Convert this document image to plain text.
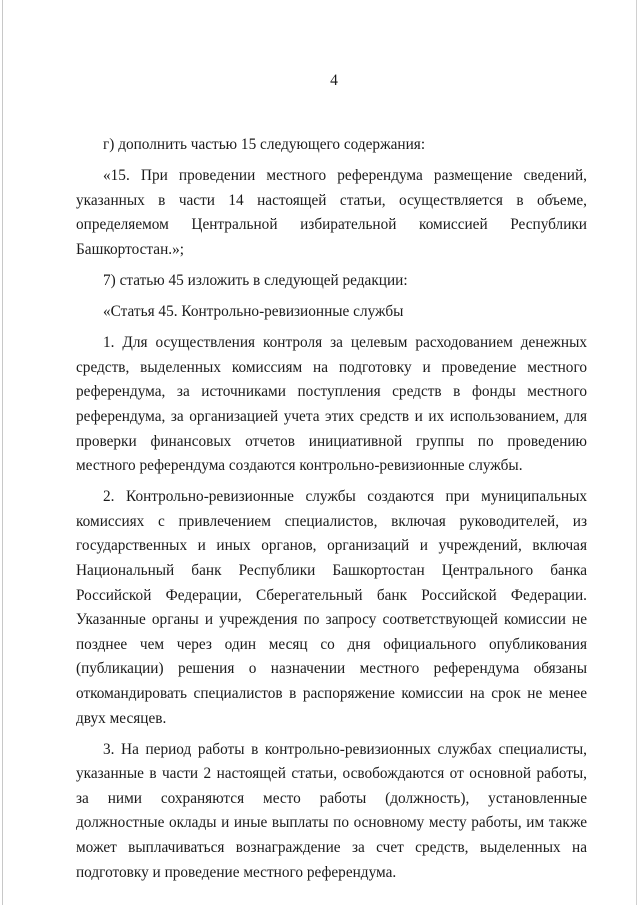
4

г) дополнить частью 15 следующего содержания:

«15. При проведении местного референдума размещение сведений, указанных в части 14 настоящей статьи, осуществляется в объеме, определяемом Центральной избирательной комиссией Республики Башкортостан.»;

7) статью 45 изложить в следующей редакции:

«Статья 45. Контрольно-ревизионные службы

1. Для осуществления контроля за целевым расходованием денежных средств, выделенных комиссиям на подготовку и проведение местного референдума, за источниками поступления средств в фонды местного референдума, за организацией учета этих средств и их использованием, для проверки финансовых отчетов инициативной группы по проведению местного референдума создаются контрольно-ревизионные службы.

2. Контрольно-ревизионные службы создаются при муниципальных комиссиях с привлечением специалистов, включая руководителей, из государственных и иных органов, организаций и учреждений, включая Национальный банк Республики Башкортостан Центрального банка Российской Федерации, Сберегательный банк Российской Федерации. Указанные органы и учреждения по запросу соответствующей комиссии не позднее чем через один месяц со дня официального опубликования (публикации) решения о назначении местного референдума обязаны откомандировать специалистов в распоряжение комиссии на срок не менее двух месяцев.

3. На период работы в контрольно-ревизионных службах специалисты, указанные в части 2 настоящей статьи, освобождаются от основной работы, за ними сохраняются место работы (должность), установленные должностные оклады и иные выплаты по основному месту работы, им также может выплачиваться вознаграждение за счет средств, выделенных на подготовку и проведение местного референдума.
